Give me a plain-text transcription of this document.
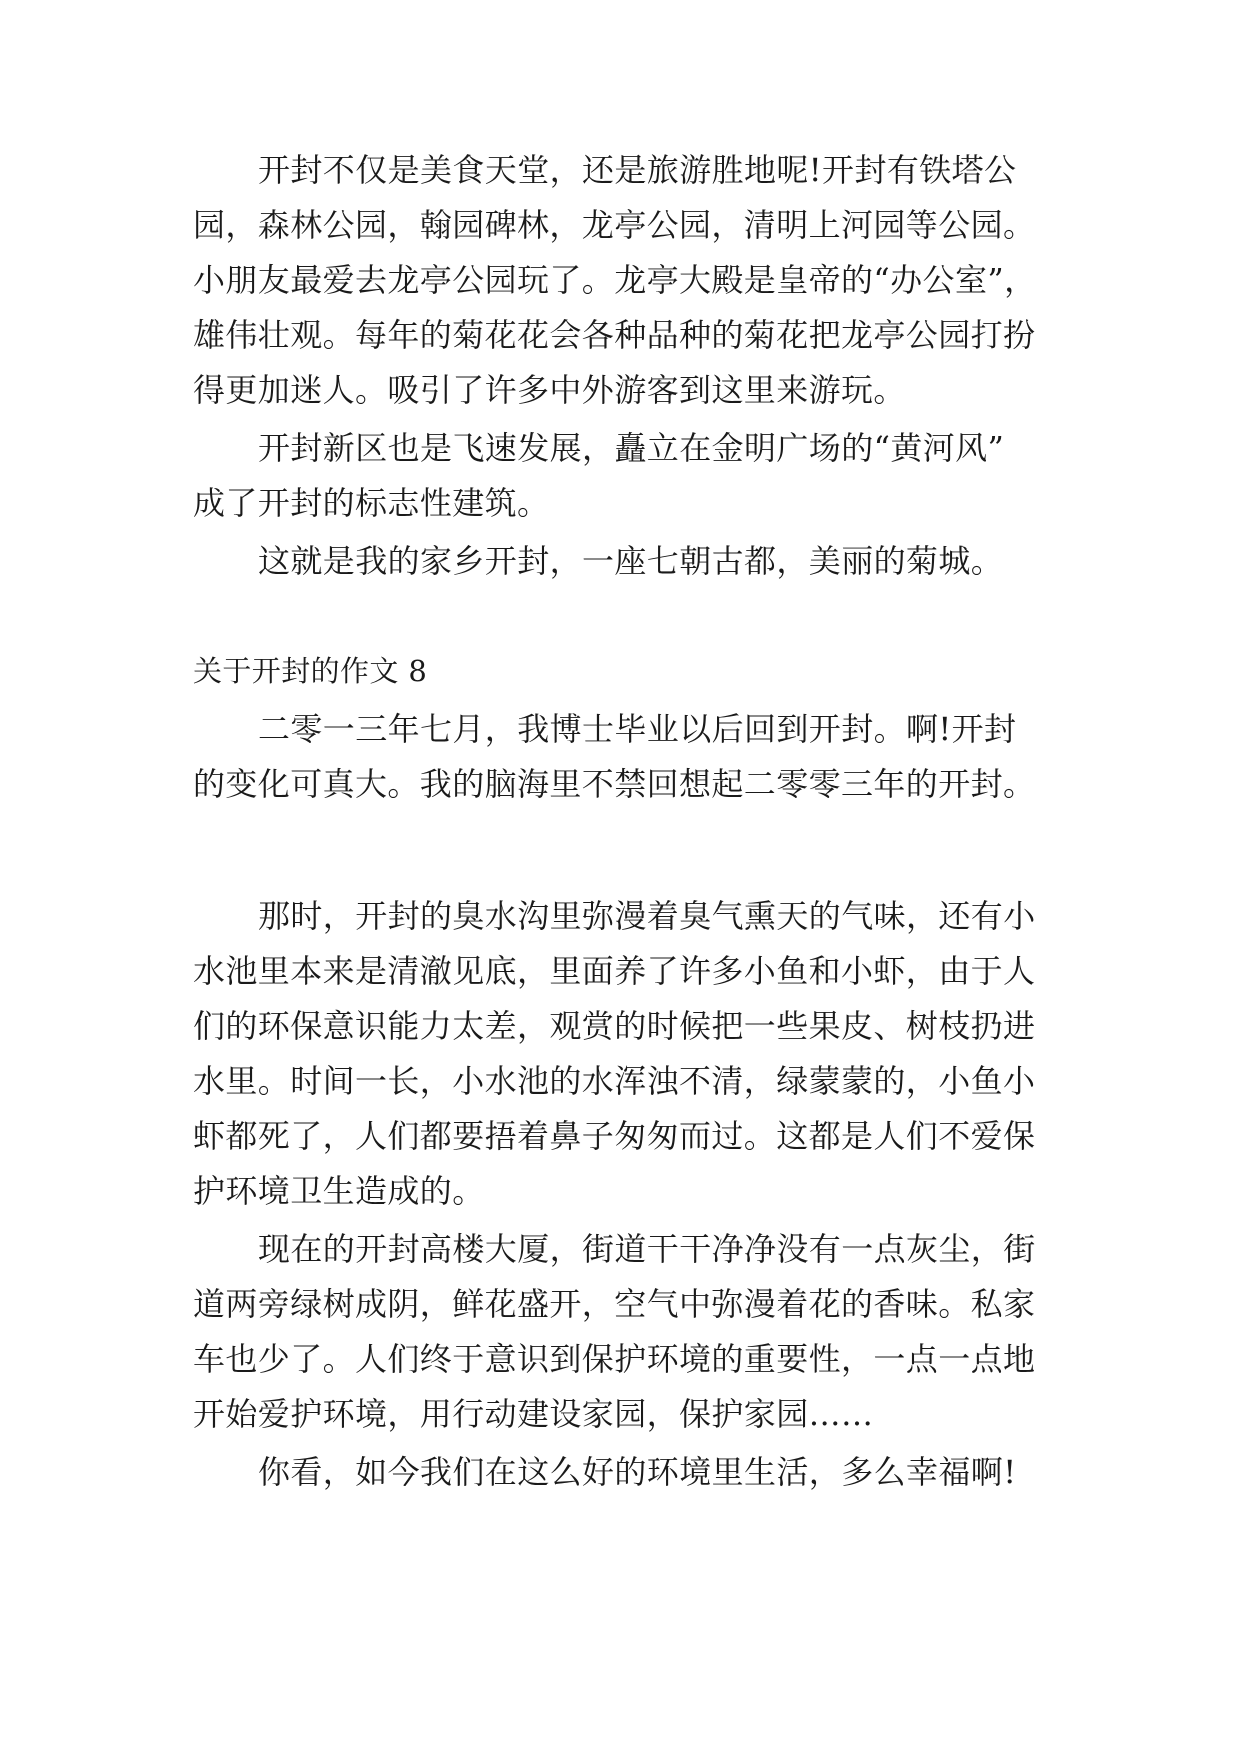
开封不仅是美食天堂，还是旅游胜地呢!开封有铁塔公
园，森林公园，翰园碑林，龙亭公园，清明上河园等公园。
小朋友最爱去龙亭公园玩了。龙亭大殿是皇帝的“办公室”，
雄伟壮观。每年的菊花花会各种品种的菊花把龙亭公园打扮
得更加迷人。吸引了许多中外游客到这里来游玩。
开封新区也是飞速发展，矗立在金明广场的“黄河风”
成了开封的标志性建筑。
这就是我的家乡开封，一座七朝古都，美丽的菊城。
关于开封的作文 8
二零一三年七月，我博士毕业以后回到开封。啊!开封
的变化可真大。我的脑海里不禁回想起二零零三年的开封。
那时，开封的臭水沟里弥漫着臭气熏天的气味，还有小
水池里本来是清澈见底，里面养了许多小鱼和小虾，由于人
们的环保意识能力太差，观赏的时候把一些果皮、树枝扔进
水里。时间一长，小水池的水浑浊不清，绿蒙蒙的，小鱼小
虾都死了，人们都要捂着鼻子匆匆而过。这都是人们不爱保
护环境卫生造成的。
现在的开封高楼大厦，街道干干净净没有一点灰尘，街
道两旁绿树成阴，鲜花盛开，空气中弥漫着花的香味。私家
车也少了。人们终于意识到保护环境的重要性，一点一点地
开始爱护环境，用行动建设家园，保护家园……
你看，如今我们在这么好的环境里生活，多么幸福啊!
